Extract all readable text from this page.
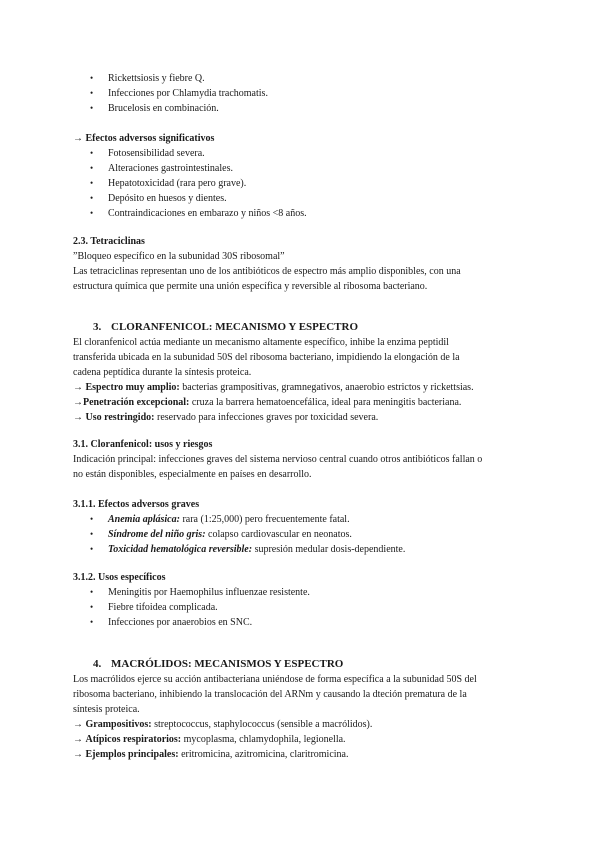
• Rickettsiosis y fiebre Q.
• Infecciones por Chlamydia trachomatis.
• Brucelosis en combinación.
→ Efectos adversos significativos
• Fotosensibilidad severa.
• Alteraciones gastrointestinales.
• Hepatotoxicidad (rara pero grave).
• Depósito en huesos y dientes.
• Contraindicaciones en embarazo y niños <8 años.
2.3. Tetraciclinas
”Bloqueo específico en la subunidad 30S ribosomal”
Las tetraciclinas representan uno de los antibióticos de espectro más amplio disponibles, con una
estructura química que permite una unión específica y reversible al ribosoma bacteriano.
3. CLORANFENICOL: MECANISMO Y ESPECTRO
El cloranfenicol actúa mediante un mecanismo altamente específico, inhibe la enzima peptidil
transferida ubicada en la subunidad 50S del ribosoma bacteriano, impidiendo la elongación de la
cadena peptídica durante la síntesis proteica.
→ Espectro muy amplio: bacterias grampositivas, gramnegativos, anaerobio estrictos y rickettsias.
→Penetración excepcional: cruza la barrera hematoencefálica, ideal para meningitis bacteriana.
→ Uso restringido: reservado para infecciones graves por toxicidad severa.
3.1. Cloranfenicol: usos y riesgos
Indicación principal: infecciones graves del sistema nervioso central cuando otros antibióticos fallan o
no están disponibles, especialmente en países en desarrollo.
3.1.1. Efectos adversos graves
• Anemia aplásica: rara (1:25,000) pero frecuentemente fatal.
• Síndrome del niño gris: colapso cardiovascular en neonatos.
• Toxicidad hematológica reversible: supresión medular dosis-dependiente.
3.1.2. Usos específicos
• Meningitis por Haemophilus influenzae resistente.
• Fiebre tifoidea complicada.
• Infecciones por anaerobios en SNC.
4. MACRÓLIDOS: MECANISMOS Y ESPECTRO
Los macrólidos ejerce su acción antibacteriana uniéndose de forma específica a la subunidad 50S del
ribosoma bacteriano, inhibiendo la translocación del ARNm y causando la dteción prematura de la
síntesis proteica.
→ Grampositivos: streptococcus, staphylococcus (sensible a macrólidos).
→ Atípicos respiratorios: mycoplasma, chlamydophila, legionella.
→ Ejemplos principales: eritromicina, azitromicina, claritromicina.
